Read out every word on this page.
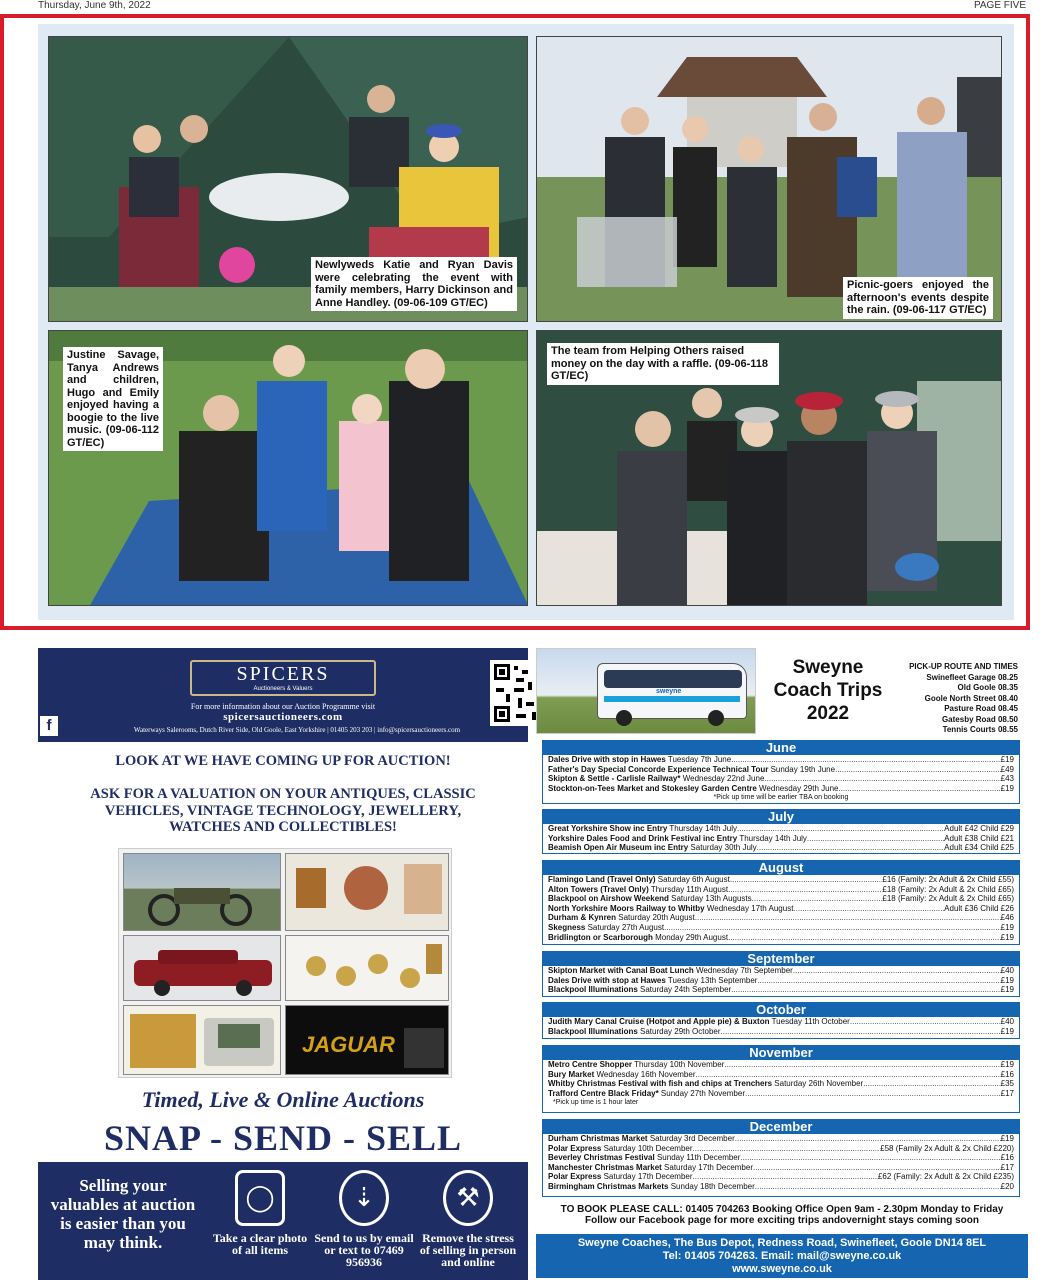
Thursday, June 9th, 2022	PAGE FIVE
Newlyweds Katie and Ryan Davis were celebrating the event with family members, Harry Dickinson and Anne Handley. (09-06-109 GT/EC)
Picnic-goers enjoyed the afternoon's events despite the rain. (09-06-117 GT/EC)
Justine Savage, Tanya Andrews and children, Hugo and Emily enjoyed having a boogie to the live music. (09-06-112 GT/EC)
The team from Helping Others raised money on the day with a raffle. (09-06-118 GT/EC)
SPICERS
Auctioneers & Valuers
For more information about our Auction Programme visit
spicersauctioneers.com
Waterways Salerooms, Dutch River Side, Old Goole, East Yorkshire | 01405 203 203 | info@spicersauctioneers.com
f
LOOK AT WE HAVE COMING UP FOR AUCTION!
ASK FOR A VALUATION ON YOUR ANTIQUES, CLASSIC VEHICLES, VINTAGE TECHNOLOGY, JEWELLERY, WATCHES AND COLLECTIBLES!
JAGUAR
Timed, Live & Online Auctions
SNAP - SEND - SELL
Selling your valuables at auction is easier than you may think.
◯
Take a clear photo of all items
⇣
Send to us by email or text to 07469 956936
⚒
Remove the stress of selling in person and online
sweyne
Sweyne Coach Trips 2022
PICK-UP ROUTE AND TIMES
Swinefleet Garage 08.25
Old Goole 08.35
Goole North Street 08.40
Pasture Road 08.45
Gatesby Road 08.50
Tennis Courts 08.55
June
Dales Drive with stop in Hawes Tuesday 7th June .....	£19
Father's Day Special Concorde Experience Technical Tour Sunday 19th June .....	£49
Skipton & Settle - Carlisle Railway* Wednesday 22nd June .....	£43
Stockton-on-Tees Market and Stokesley Garden Centre Wednesday 29th June .....	£19
*Pick up time will be earlier TBA on booking
July
Great Yorkshire Show inc Entry Thursday 14th July .....	Adult £42 Child £29
Yorkshire Dales Food and Drink Festival inc Entry Thursday 14th July .....	Adult £38 Child £21
Beamish Open Air Museum inc Entry Saturday 30th July .....	Adult £34 Child £25
August
Flamingo Land (Travel Only) Saturday 6th August .....	£16 (Family: 2x Adult & 2x Child £55)
Alton Towers (Travel Only) Thursday 11th August .....	£18 (Family: 2x Adult & 2x Child £65)
Blackpool on Airshow Weekend Saturday 13th Augusts .....	£18 (Family: 2x Adult & 2x Child £65)
North Yorkshire Moors Railway to Whitby Wednesday 17th August .....	Adult £36 Child £26
Durham & Kynren Saturday 20th August .....	£46
Skegness Saturday 27th August .....	£19
Bridlington or Scarborough Monday 29th August .....	£19
September
Skipton Market with Canal Boat Lunch Wednesday 7th September .....	£40
Dales Drive with stop at Hawes Tuesday 13th September .....	£19
Blackpool Illuminations Saturday 24th September .....	£19
October
Judith Mary Canal Cruise (Hotpot and Apple pie) & Buxton Tuesday 11th October .....	£40
Blackpool Illuminations Saturday 29th October .....	£19
November
Metro Centre Shopper Thursday 10th November .....	£19
Bury Market Wednesday 16th November .....	£16
Whitby Christmas Festival with fish and chips at Trenchers Saturday 26th November .....	£35
Trafford Centre Black Friday* Sunday 27th November .....	£17
*Pick up time is 1 hour later
December
Durham Christmas Market Saturday 3rd December .....	£19
Polar Express Saturday 10th December .....	£58 (Family 2x Adult & 2x Child £220)
Beverley Christmas Festival Sunday 11th December .....	£16
Manchester Christmas Market Saturday 17th December .....	£17
Polar Express Saturday 17th December .....	£62 (Family: 2x Adult & 2x Child £235)
Birmingham Christmas Markets Sunday 18th December .....	£20
TO BOOK PLEASE CALL: 01405 704263 Booking Office Open 9am - 2.30pm Monday to Friday
Follow our Facebook page for more exciting trips andovernight stays coming soon
Sweyne Coaches, The Bus Depot, Redness Road, Swinefleet, Goole DN14 8EL
Tel: 01405 704263. Email: mail@sweyne.co.uk
www.sweyne.co.uk
